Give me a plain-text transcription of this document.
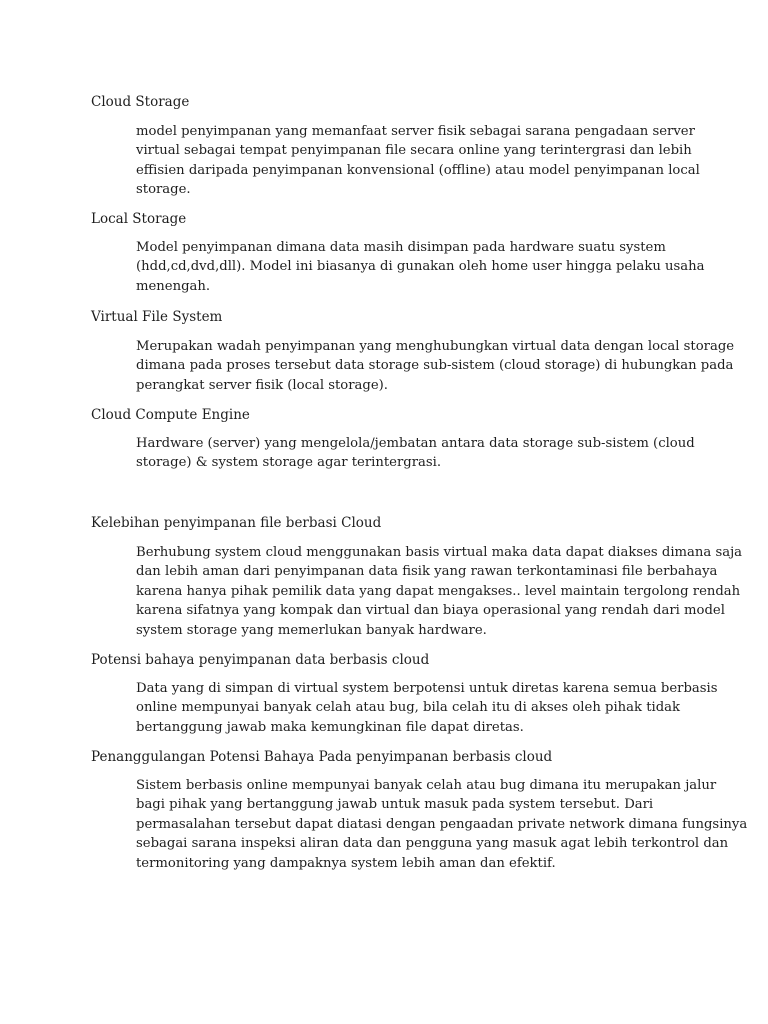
Cloud Storage
model penyimpanan yang memanfaat server fisik sebagai sarana pengadaan server
virtual sebagai tempat penyimpanan file secara online yang terintergrasi dan lebih
effisien daripada penyimpanan konvensional (offline) atau model penyimpanan local
storage.
Local Storage
Model penyimpanan dimana data masih disimpan pada hardware suatu system
(hdd,cd,dvd,dll). Model ini biasanya di gunakan oleh home user hingga pelaku usaha
menengah.
Virtual File System
Merupakan wadah penyimpanan yang menghubungkan virtual data dengan local storage
dimana pada proses tersebut data storage sub-sistem (cloud storage) di hubungkan pada
perangkat server fisik (local storage).
Cloud Compute Engine
Hardware (server) yang mengelola/jembatan antara data storage sub-sistem (cloud
storage) & system storage agar terintergrasi.
Kelebihan penyimpanan file berbasi Cloud
Berhubung system cloud menggunakan basis virtual maka data dapat diakses dimana saja
dan lebih aman dari penyimpanan data fisik yang rawan terkontaminasi file berbahaya
karena hanya pihak pemilik data yang dapat mengakses.. level maintain tergolong rendah
karena sifatnya yang kompak dan virtual dan biaya operasional yang rendah dari model
system storage yang memerlukan banyak hardware.
Potensi bahaya penyimpanan data berbasis cloud
Data yang di simpan di virtual system berpotensi untuk diretas karena semua berbasis
online mempunyai banyak celah atau bug, bila celah itu di akses oleh pihak tidak
bertanggung jawab maka kemungkinan file dapat diretas.
Penanggulangan Potensi Bahaya Pada penyimpanan berbasis cloud
Sistem berbasis online mempunyai banyak celah atau bug dimana itu merupakan jalur
bagi pihak yang bertanggung jawab untuk masuk pada system tersebut. Dari
permasalahan tersebut dapat diatasi dengan pengaadan private network dimana fungsinya
sebagai sarana inspeksi aliran data dan pengguna yang masuk agat lebih terkontrol dan
termonitoring yang dampaknya system lebih aman dan efektif.
